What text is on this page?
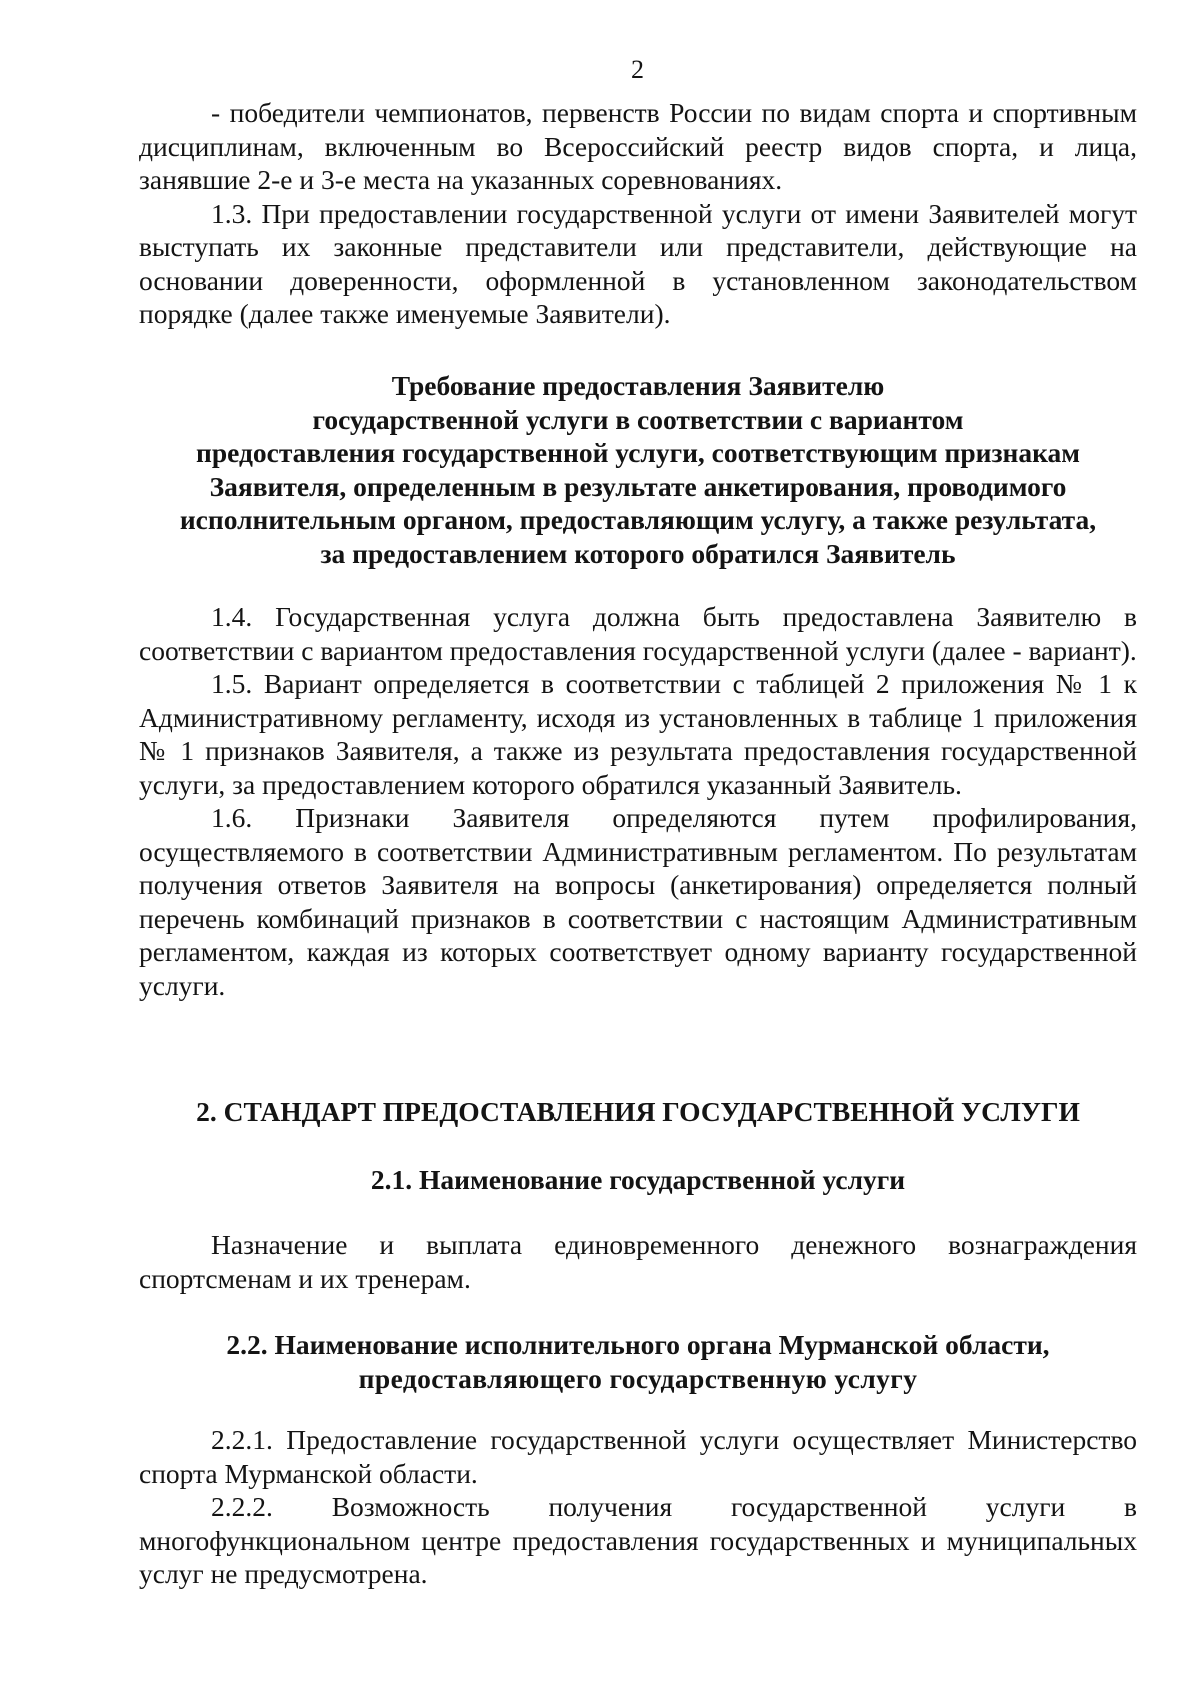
2

- победители чемпионатов, первенств России по видам спорта и спортивным дисциплинам, включенным во Всероссийский реестр видов спорта, и лица, занявшие 2-е и 3-е места на указанных соревнованиях.

1.3. При предоставлении государственной услуги от имени Заявителей могут выступать их законные представители или представители, действующие на основании доверенности, оформленной в установленном законодательством порядке (далее также именуемые Заявители).

Требование предоставления Заявителю
государственной услуги в соответствии с вариантом
предоставления государственной услуги, соответствующим признакам
Заявителя, определенным в результате анкетирования, проводимого
исполнительным органом, предоставляющим услугу, а также результата,
за предоставлением которого обратился Заявитель

1.4. Государственная услуга должна быть предоставлена Заявителю в соответствии с вариантом предоставления государственной услуги (далее - вариант).

1.5. Вариант определяется в соответствии с таблицей 2 приложения № 1 к Административному регламенту, исходя из установленных в таблице 1 приложения № 1 признаков Заявителя, а также из результата предоставления государственной услуги, за предоставлением которого обратился указанный Заявитель.

1.6. Признаки Заявителя определяются путем профилирования, осуществляемого в соответствии Административным регламентом. По результатам получения ответов Заявителя на вопросы (анкетирования) определяется полный перечень комбинаций признаков в соответствии с настоящим Административным регламентом, каждая из которых соответствует одному варианту государственной услуги.

2. СТАНДАРТ ПРЕДОСТАВЛЕНИЯ ГОСУДАРСТВЕННОЙ УСЛУГИ
2.1. Наименование государственной услуги

Назначение и выплата единовременного денежного вознаграждения спортсменам и их тренерам.

2.2. Наименование исполнительного органа Мурманской области,
предоставляющего государственную услугу

2.2.1. Предоставление государственной услуги осуществляет Министерство спорта Мурманской области.

2.2.2. Возможность получения государственной услуги в многофункциональном центре предоставления государственных и муниципальных услуг не предусмотрена.
